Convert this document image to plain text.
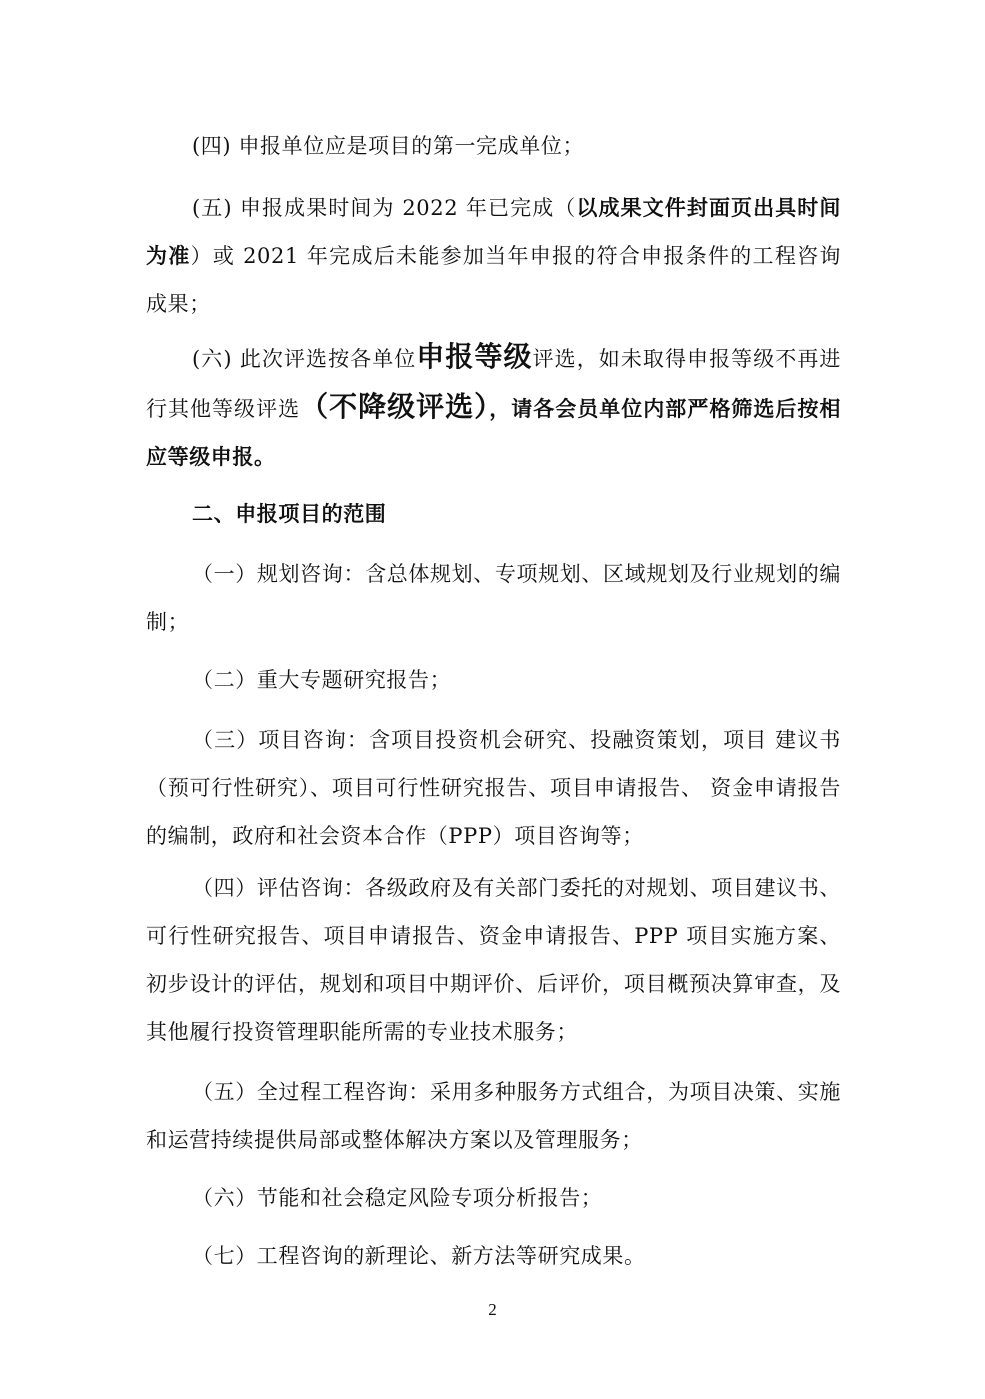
(四) 申报单位应是项目的第一完成单位；

(五) 申报成果时间为 2022 年已完成（以成果文件封面页出具时间为准）或 2021 年完成后未能参加当年申报的符合申报条件的工程咨询成果；

(六) 此次评选按各单位申报等级评选，如未取得申报等级不再进行其他等级评选（不降级评选），请各会员单位内部严格筛选后按相应等级申报。

二、申报项目的范围

（一）规划咨询：含总体规划、专项规划、区域规划及行业规划的编制；

（二）重大专题研究报告；

（三）项目咨询：含项目投资机会研究、投融资策划，项目 建议书（预可行性研究）、项目可行性研究报告、项目申请报告、 资金申请报告的编制，政府和社会资本合作（PPP）项目咨询等；

（四）评估咨询：各级政府及有关部门委托的对规划、项目建议书、可行性研究报告、项目申请报告、资金申请报告、PPP 项目实施方案、初步设计的评估，规划和项目中期评价、后评价，项目概预决算审查，及其他履行投资管理职能所需的专业技术服务；

（五）全过程工程咨询：采用多种服务方式组合，为项目决策、实施和运营持续提供局部或整体解决方案以及管理服务；

（六）节能和社会稳定风险专项分析报告；

（七）工程咨询的新理论、新方法等研究成果。

2
